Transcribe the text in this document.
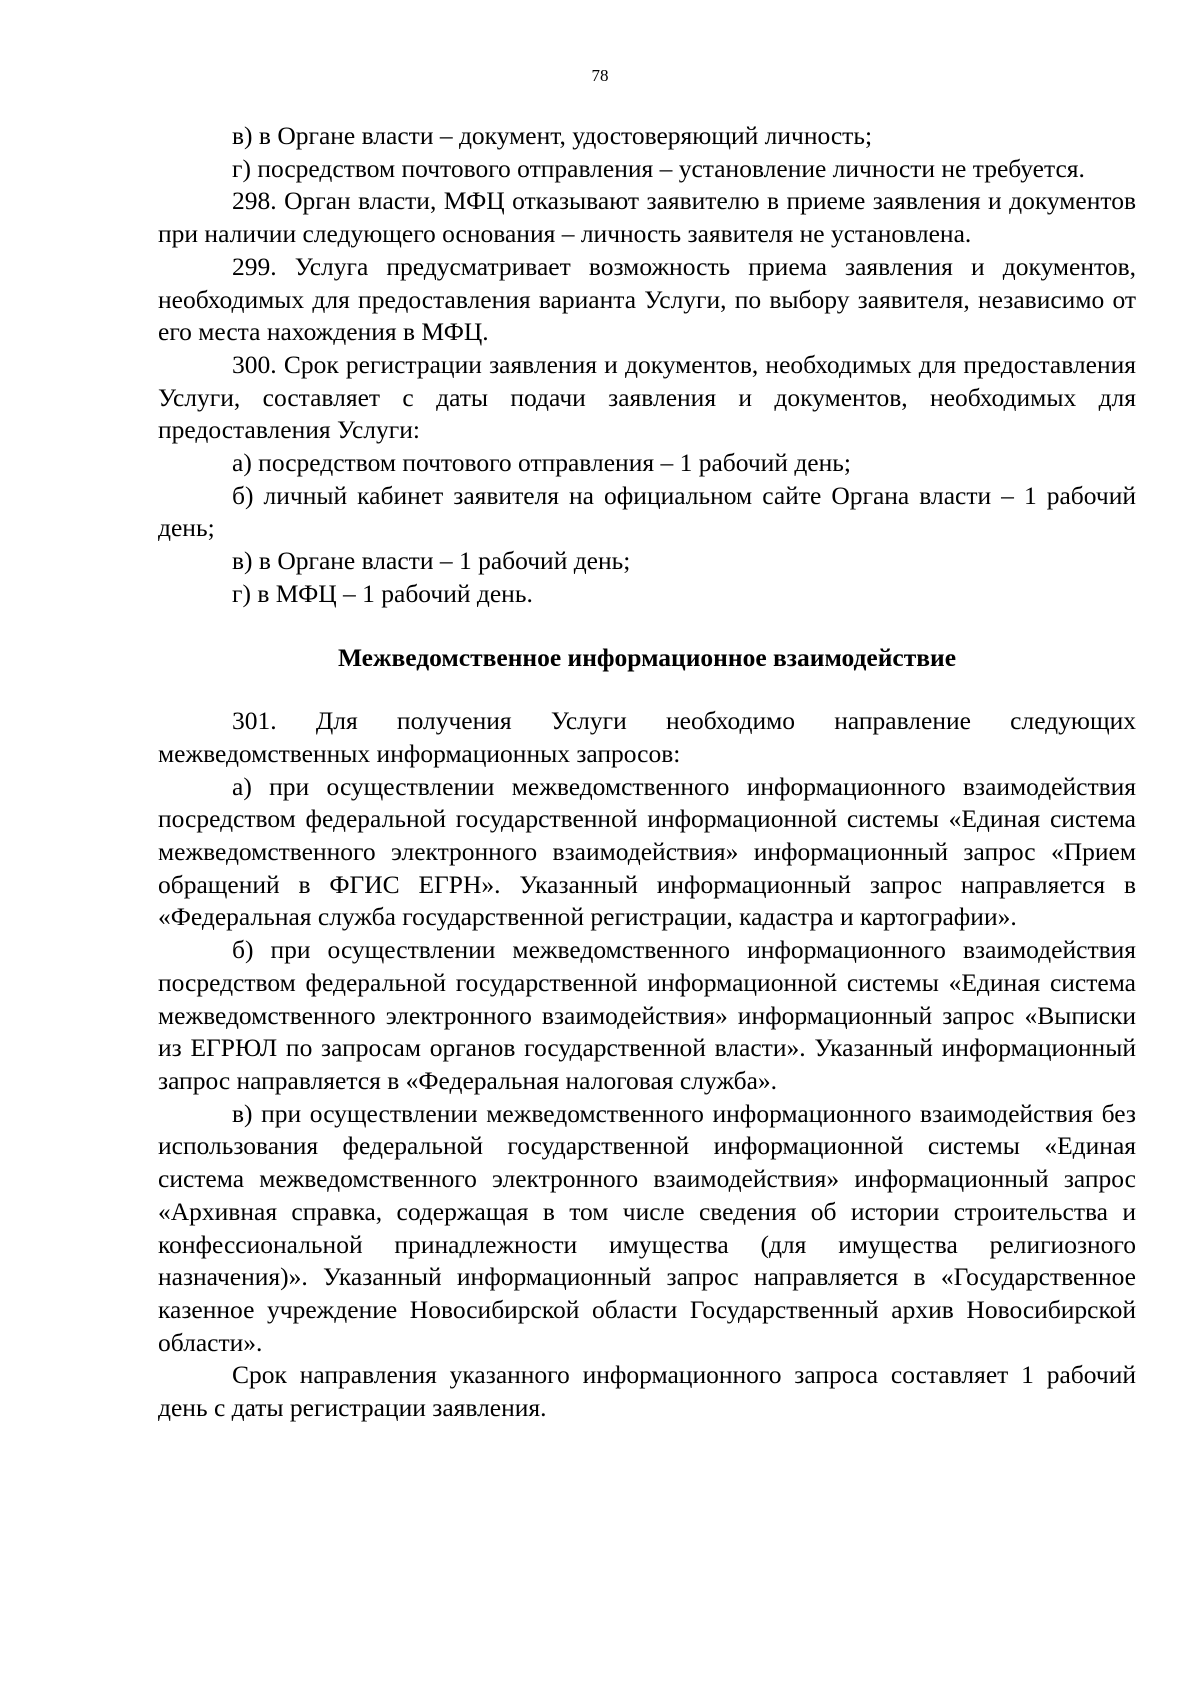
78

в) в Органе власти – документ, удостоверяющий личность;

г) посредством почтового отправления – установление личности не требуется.

298. Орган власти, МФЦ отказывают заявителю в приеме заявления и документов при наличии следующего основания – личность заявителя не установлена.

299. Услуга предусматривает возможность приема заявления и документов, необходимых для предоставления варианта Услуги, по выбору заявителя, независимо от его места нахождения в МФЦ.

300. Срок регистрации заявления и документов, необходимых для предоставления Услуги, составляет с даты подачи заявления и документов, необходимых для предоставления Услуги:

а) посредством почтового отправления – 1 рабочий день;

б) личный кабинет заявителя на официальном сайте Органа власти – 1 рабочий день;

в) в Органе власти – 1 рабочий день;

г) в МФЦ – 1 рабочий день.

Межведомственное информационное взаимодействие

301. Для получения Услуги необходимо направление следующих межведомственных информационных запросов:

а) при осуществлении межведомственного информационного взаимодействия посредством федеральной государственной информационной системы «Единая система межведомственного электронного взаимодействия» информационный запрос «Прием обращений в ФГИС ЕГРН». Указанный информационный запрос направляется в «Федеральная служба государственной регистрации, кадастра и картографии».

б) при осуществлении межведомственного информационного взаимодействия посредством федеральной государственной информационной системы «Единая система межведомственного электронного взаимодействия» информационный запрос «Выписки из ЕГРЮЛ по запросам органов государственной власти». Указанный информационный запрос направляется в «Федеральная налоговая служба».

в) при осуществлении межведомственного информационного взаимодействия без использования федеральной государственной информационной системы «Единая система межведомственного электронного взаимодействия» информационный запрос «Архивная справка, содержащая в том числе сведения об истории строительства и конфессиональной принадлежности имущества (для имущества религиозного назначения)». Указанный информационный запрос направляется в «Государственное казенное учреждение Новосибирской области Государственный архив Новосибирской области».

Срок направления указанного информационного запроса составляет 1 рабочий день с даты регистрации заявления.
